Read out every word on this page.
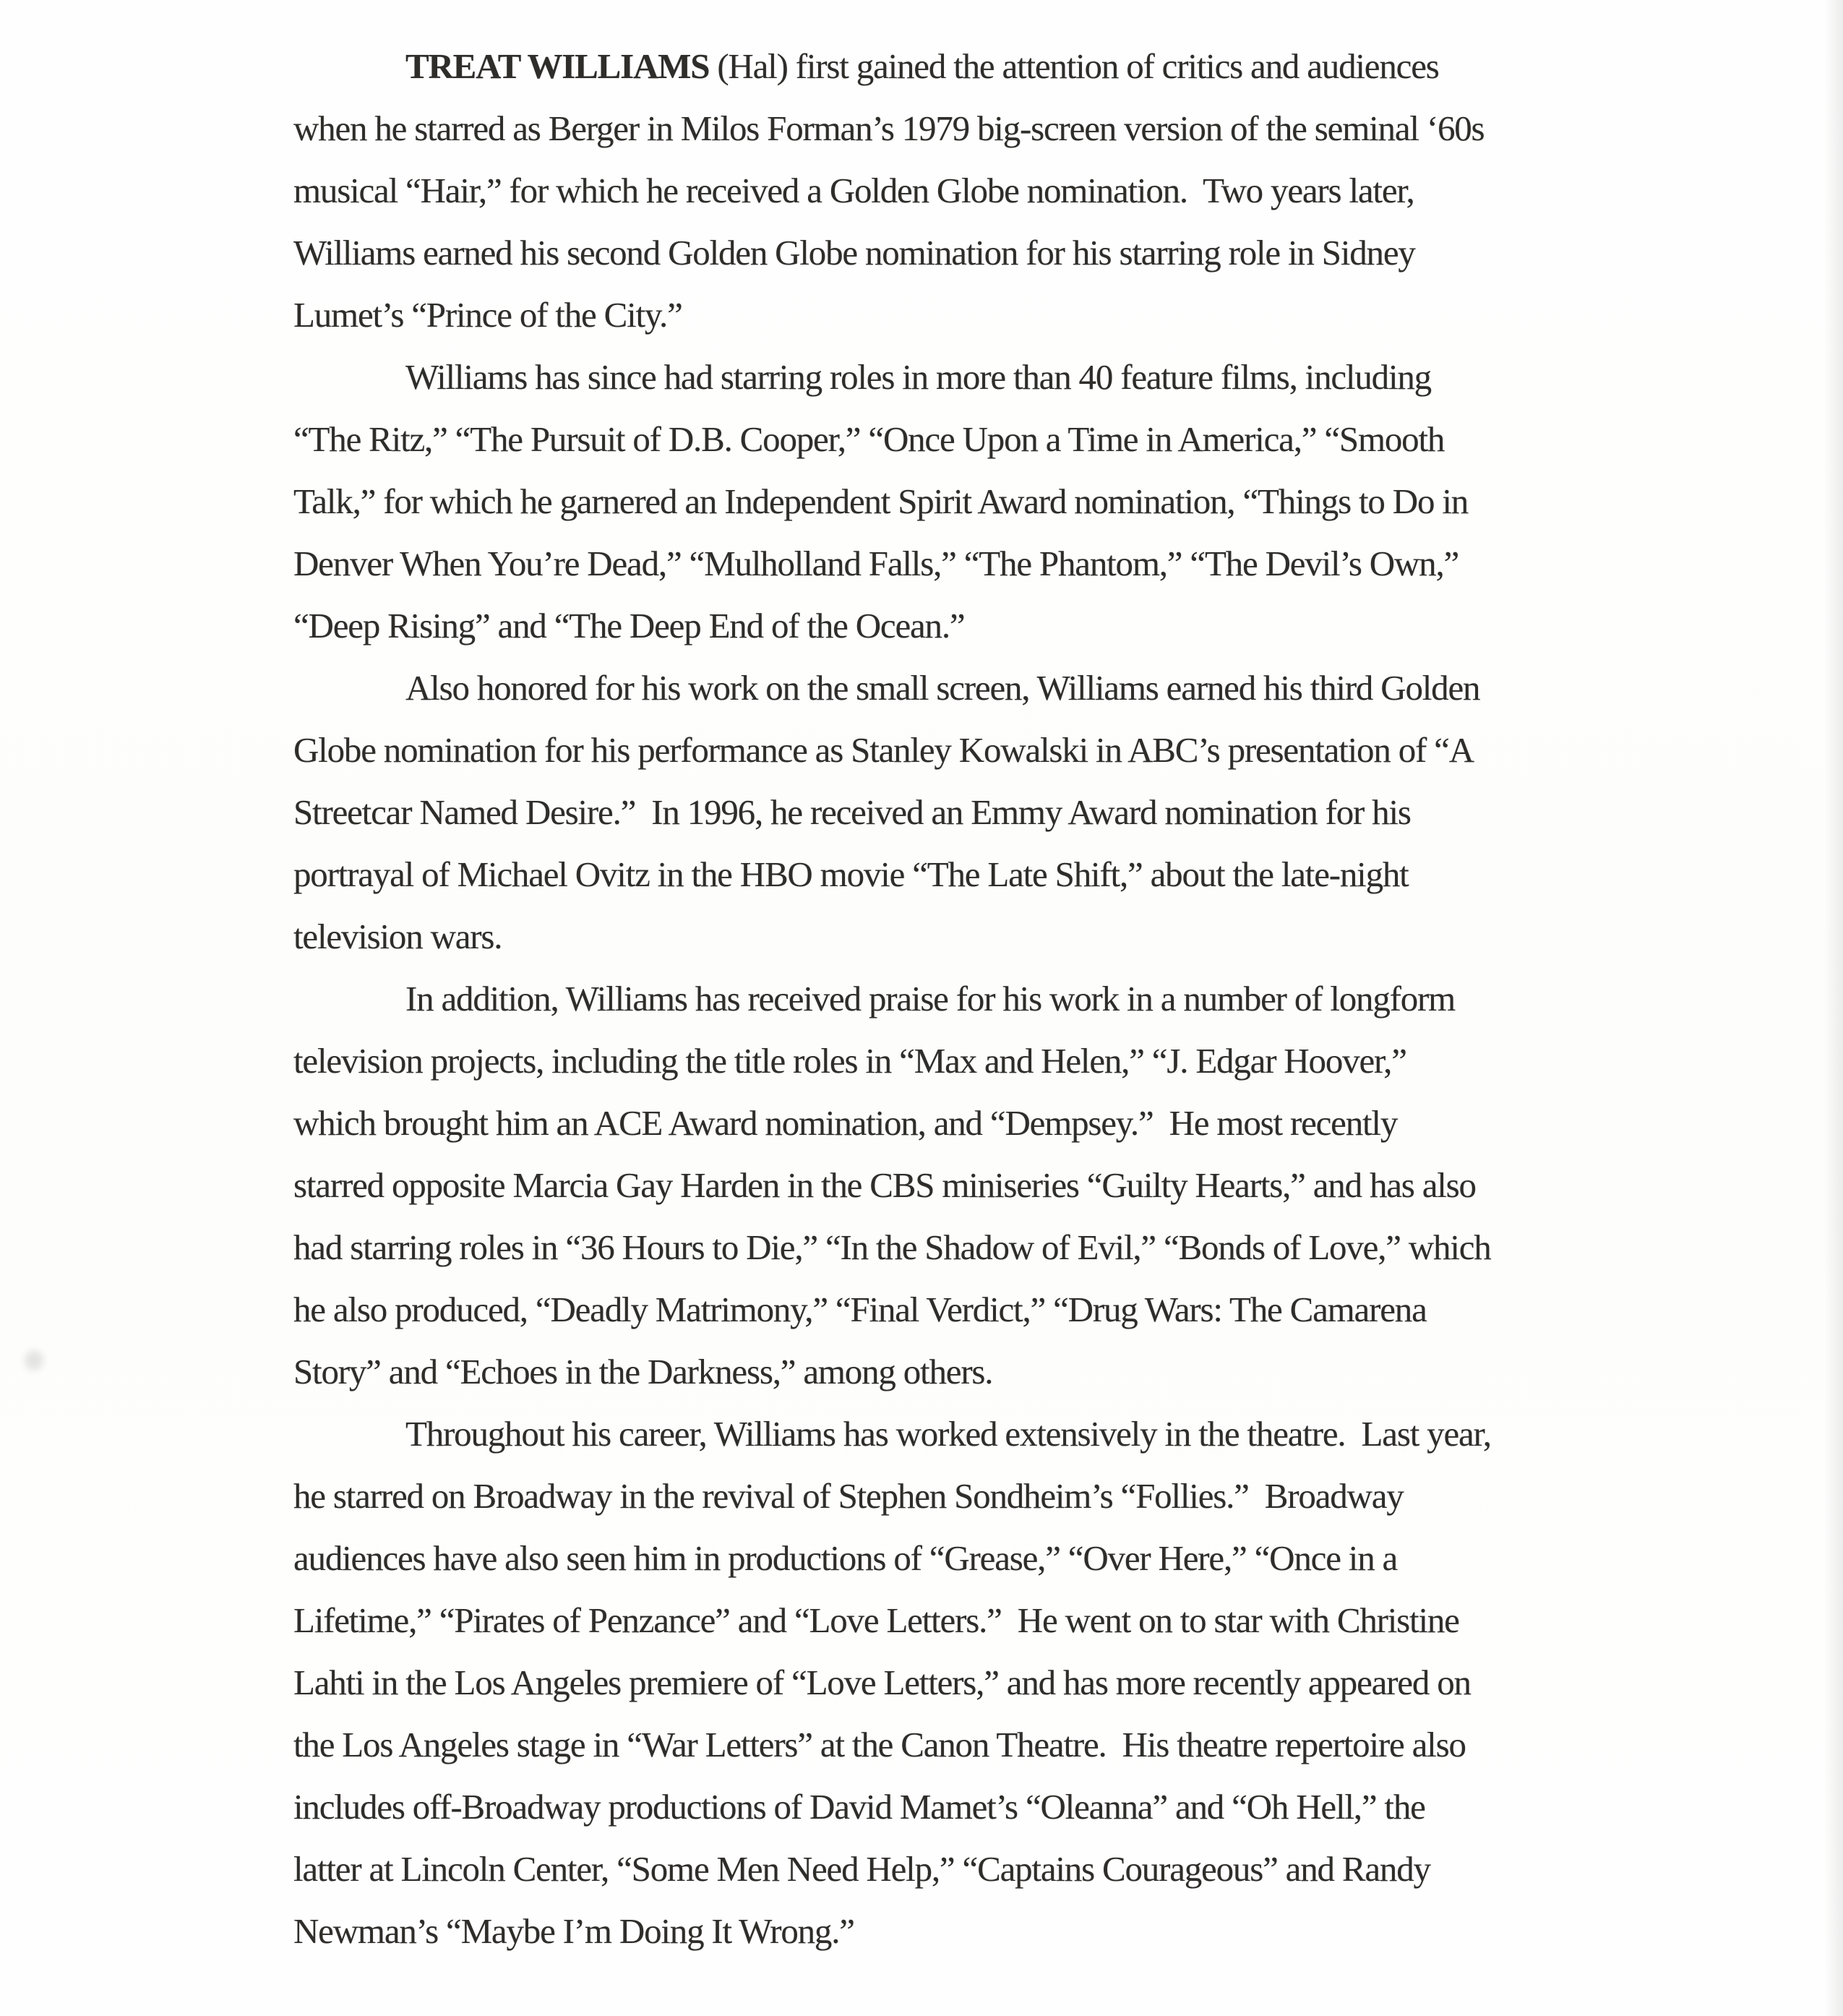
TREAT WILLIAMS (Hal) first gained the attention of critics and audiences
when he starred as Berger in Milos Forman’s 1979 big-screen version of the seminal ‘60s
musical “Hair,” for which he received a Golden Globe nomination.  Two years later,
Williams earned his second Golden Globe nomination for his starring role in Sidney
Lumet’s “Prince of the City.”
Williams has since had starring roles in more than 40 feature films, including
“The Ritz,” “The Pursuit of D.B. Cooper,” “Once Upon a Time in America,” “Smooth
Talk,” for which he garnered an Independent Spirit Award nomination, “Things to Do in
Denver When You’re Dead,” “Mulholland Falls,” “The Phantom,” “The Devil’s Own,”
“Deep Rising” and “The Deep End of the Ocean.”
Also honored for his work on the small screen, Williams earned his third Golden
Globe nomination for his performance as Stanley Kowalski in ABC’s presentation of “A
Streetcar Named Desire.”  In 1996, he received an Emmy Award nomination for his
portrayal of Michael Ovitz in the HBO movie “The Late Shift,” about the late-night
television wars.
In addition, Williams has received praise for his work in a number of longform
television projects, including the title roles in “Max and Helen,” “J. Edgar Hoover,”
which brought him an ACE Award nomination, and “Dempsey.”  He most recently
starred opposite Marcia Gay Harden in the CBS miniseries “Guilty Hearts,” and has also
had starring roles in “36 Hours to Die,” “In the Shadow of Evil,” “Bonds of Love,” which
he also produced, “Deadly Matrimony,” “Final Verdict,” “Drug Wars: The Camarena
Story” and “Echoes in the Darkness,” among others.
Throughout his career, Williams has worked extensively in the theatre.  Last year,
he starred on Broadway in the revival of Stephen Sondheim’s “Follies.”  Broadway
audiences have also seen him in productions of “Grease,” “Over Here,” “Once in a
Lifetime,” “Pirates of Penzance” and “Love Letters.”  He went on to star with Christine
Lahti in the Los Angeles premiere of “Love Letters,” and has more recently appeared on
the Los Angeles stage in “War Letters” at the Canon Theatre.  His theatre repertoire also
includes off-Broadway productions of David Mamet’s “Oleanna” and “Oh Hell,” the
latter at Lincoln Center, “Some Men Need Help,” “Captains Courageous” and Randy
Newman’s “Maybe I’m Doing It Wrong.”
